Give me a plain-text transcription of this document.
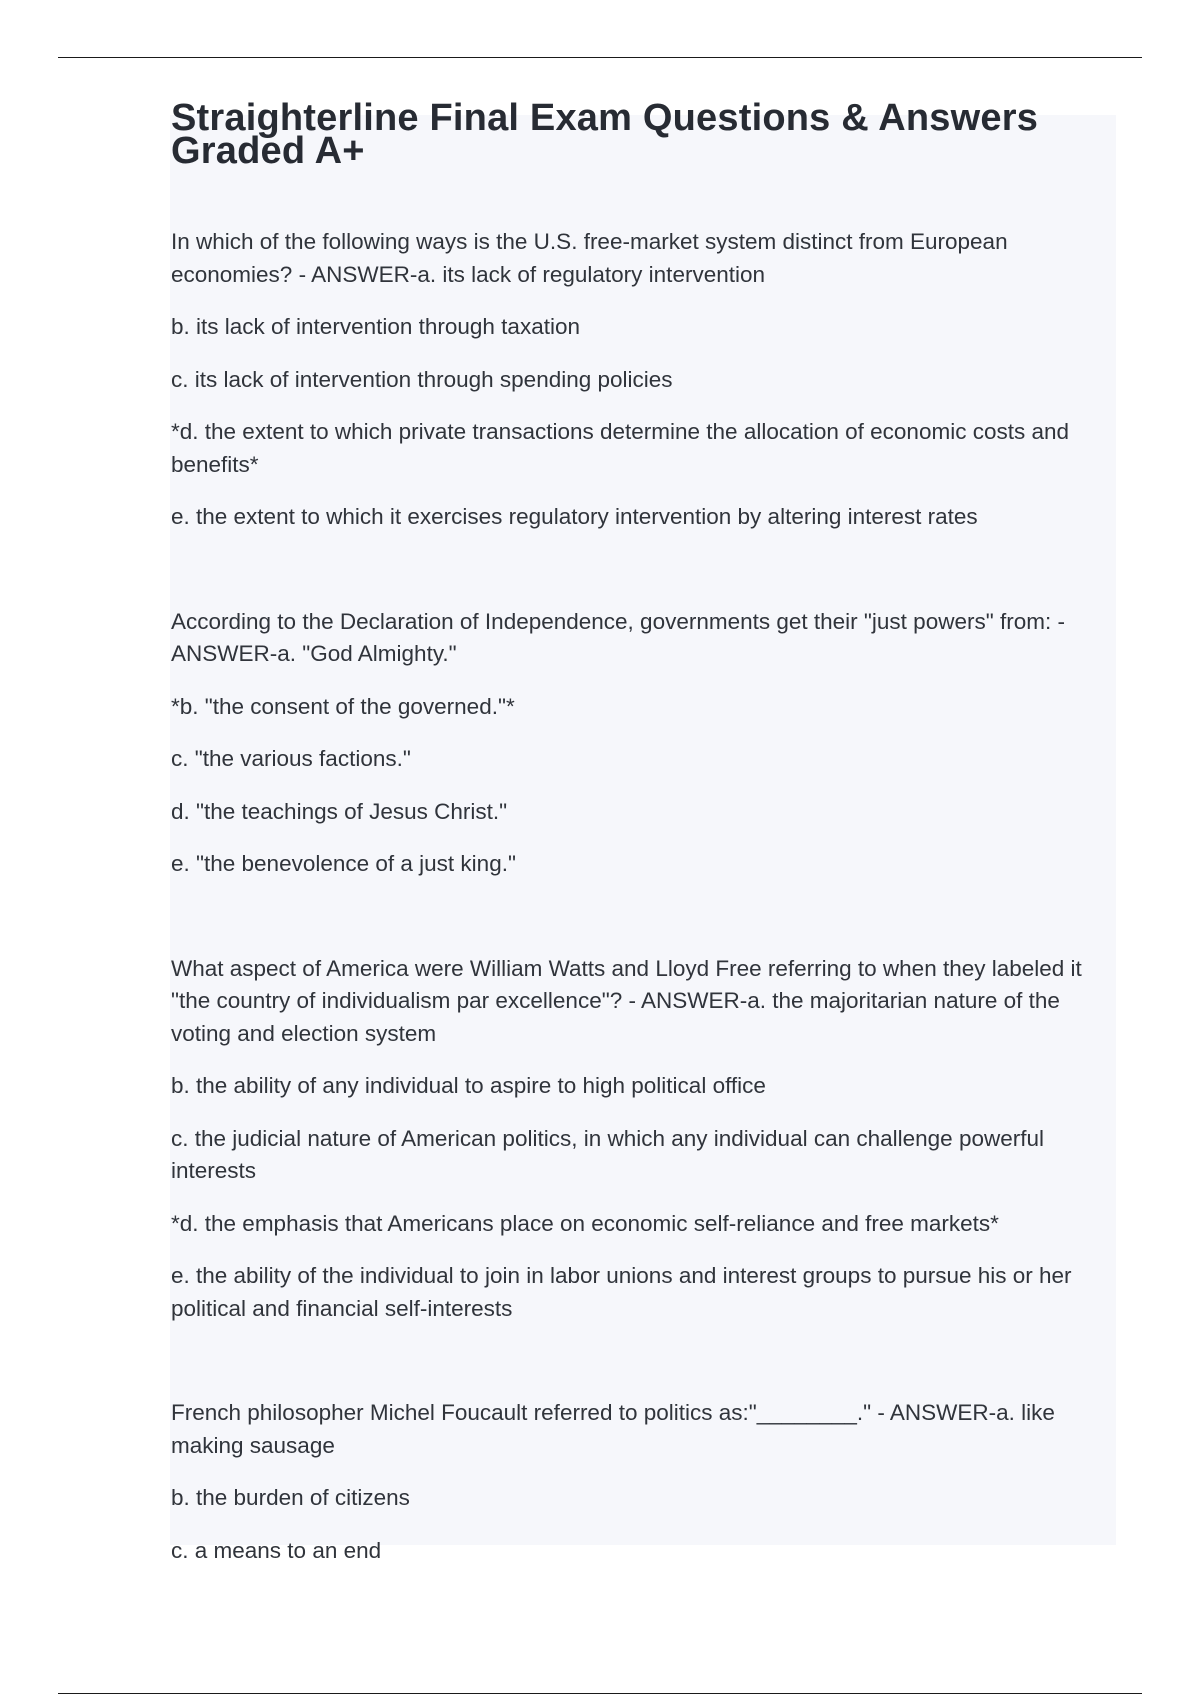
Straighterline Final Exam Questions & Answers Graded A+

In which of the following ways is the U.S. free-market system distinct from European economies? - ANSWER-a. its lack of regulatory intervention

b. its lack of intervention through taxation

c. its lack of intervention through spending policies

*d. the extent to which private transactions determine the allocation of economic costs and benefits*

e. the extent to which it exercises regulatory intervention by altering interest rates

According to the Declaration of Independence, governments get their "just powers" from: - ANSWER-a. "God Almighty."

*b. "the consent of the governed."*

c. "the various factions."

d. "the teachings of Jesus Christ."

e. "the benevolence of a just king."

What aspect of America were William Watts and Lloyd Free referring to when they labeled it "the country of individualism par excellence"? - ANSWER-a. the majoritarian nature of the voting and election system

b. the ability of any individual to aspire to high political office

c. the judicial nature of American politics, in which any individual can challenge powerful interests

*d. the emphasis that Americans place on economic self-reliance and free markets*

e. the ability of the individual to join in labor unions and interest groups to pursue his or her political and financial self-interests

French philosopher Michel Foucault referred to politics as:"________." - ANSWER-a. like making sausage

b. the burden of citizens

c. a means to an end
